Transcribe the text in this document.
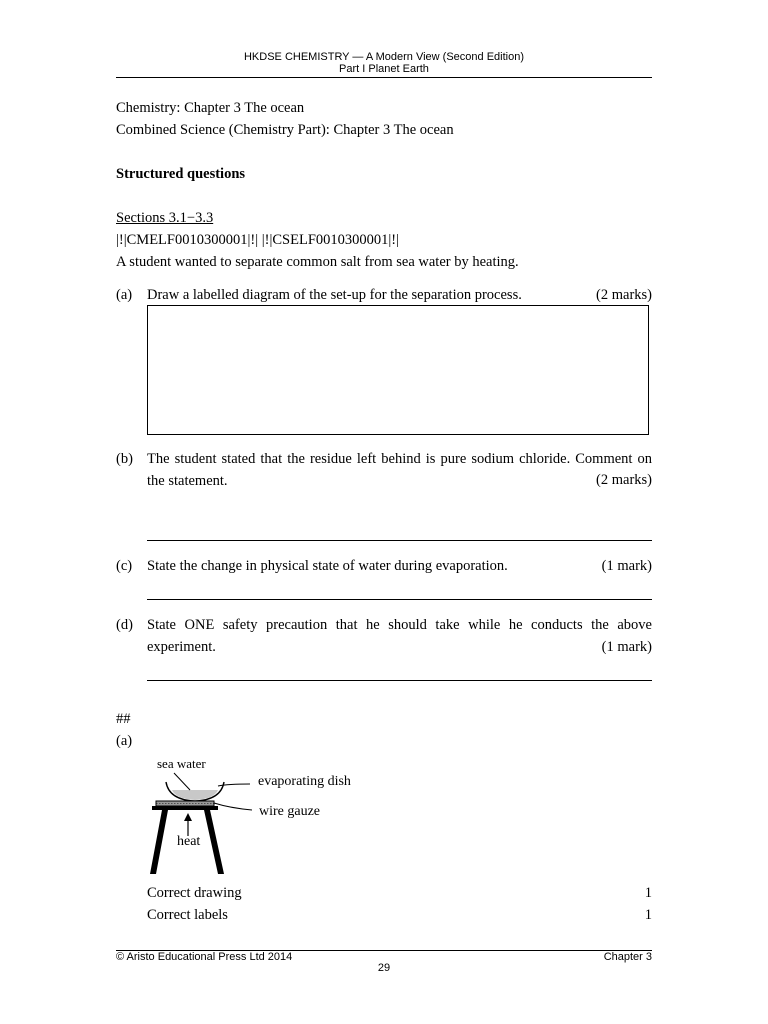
HKDSE CHEMISTRY — A Modern View (Second Edition)
Part I Planet Earth
Chemistry: Chapter 3 The ocean
Combined Science (Chemistry Part): Chapter 3 The ocean
Structured questions
Sections 3.1−3.3
|!|CMELF0010300001|!| |!|CSELF0010300001|!|
A student wanted to separate common salt from sea water by heating.
(a) Draw a labelled diagram of the set-up for the separation process.	(2 marks)
(b) The student stated that the residue left behind is pure sodium chloride. Comment on the statement.	(2 marks)
(c) State the change in physical state of water during evaporation.	(1 mark)
(d) State ONE safety precaution that he should take while he conducts the above experiment.	(1 mark)
##
(a)
sea water
evaporating dish
wire gauze
heat
Correct drawing	1
Correct labels	1
© Aristo Educational Press Ltd 2014	Chapter 3
29
